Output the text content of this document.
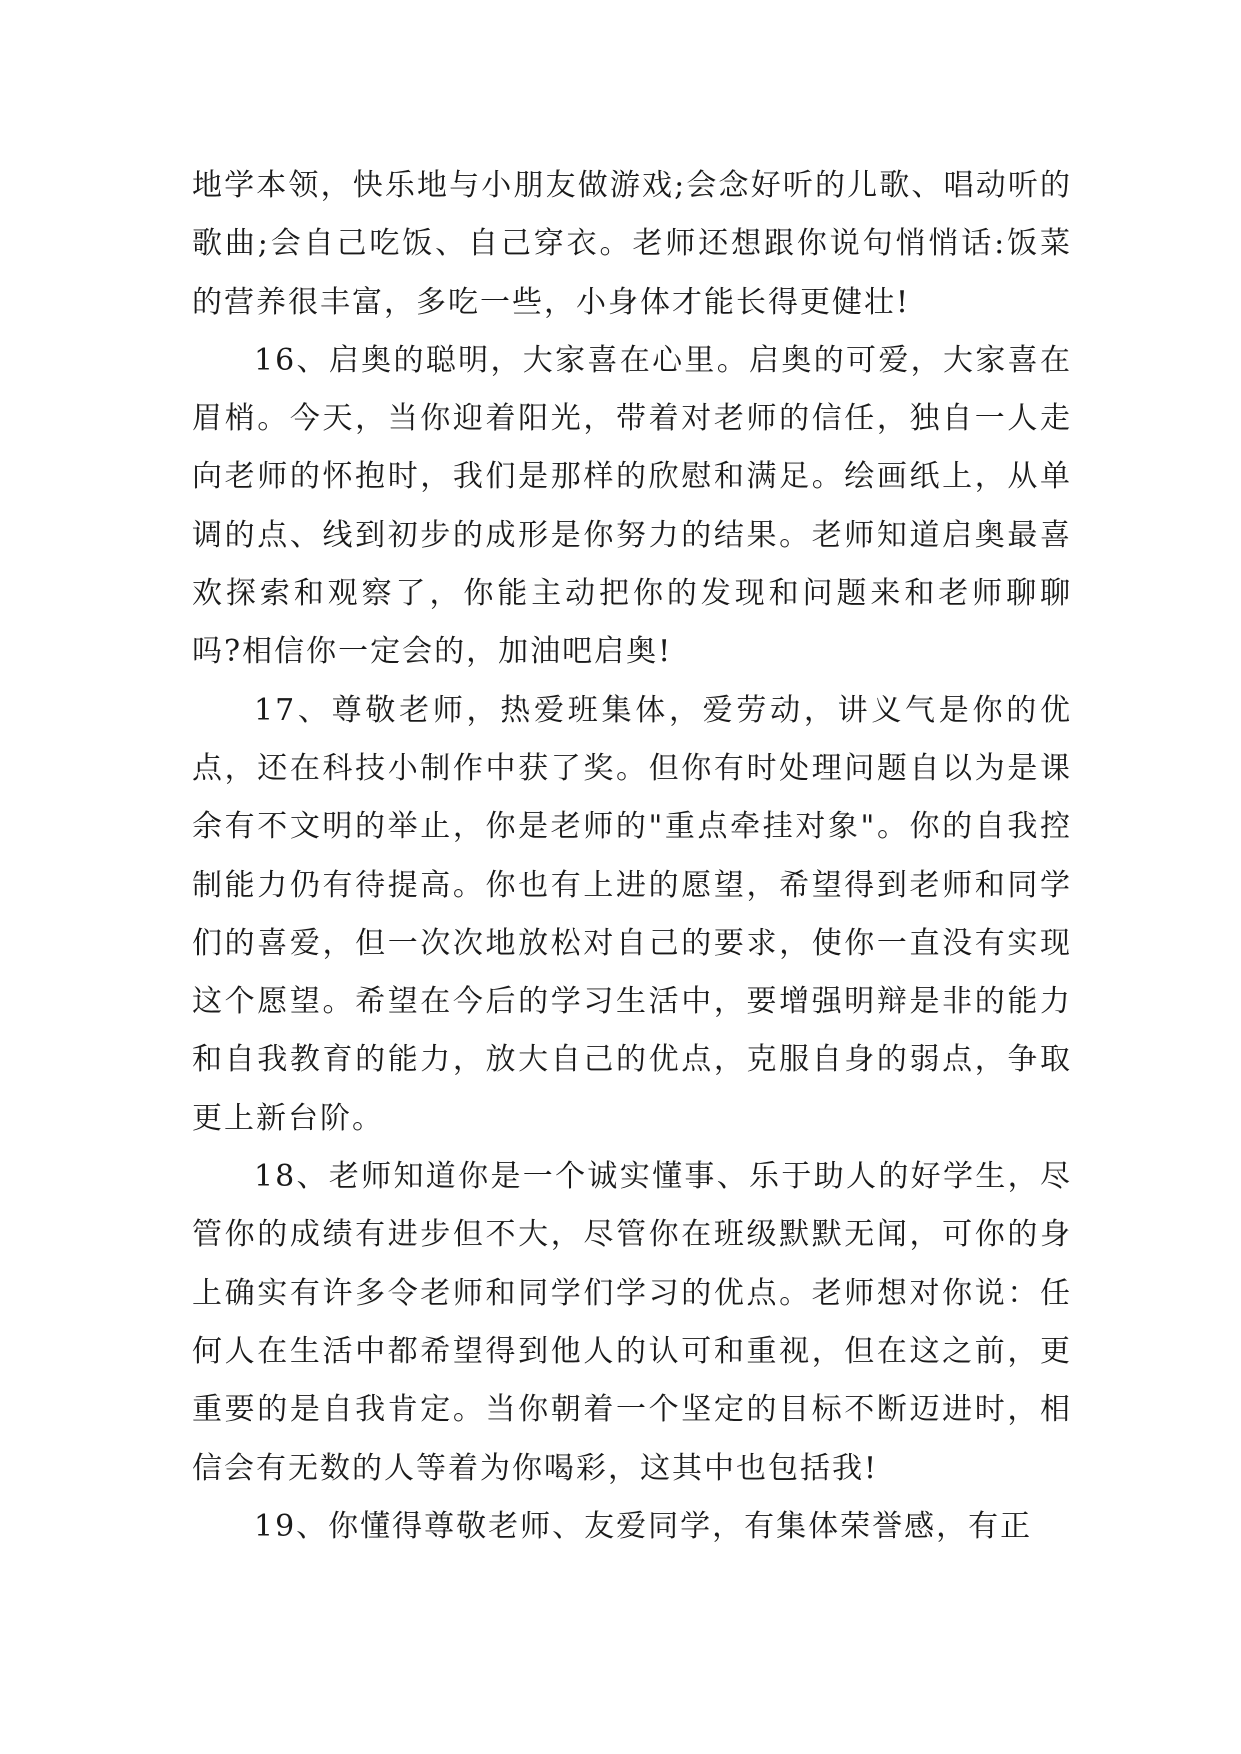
地学本领，快乐地与小朋友做游戏;会念好听的儿歌、唱动听的歌曲;会自己吃饭、自己穿衣。老师还想跟你说句悄悄话:饭菜的营养很丰富，多吃一些，小身体才能长得更健壮!

16、启奥的聪明，大家喜在心里。启奥的可爱，大家喜在眉梢。今天，当你迎着阳光，带着对老师的信任，独自一人走向老师的怀抱时，我们是那样的欣慰和满足。绘画纸上，从单调的点、线到初步的成形是你努力的结果。老师知道启奥最喜欢探索和观察了，你能主动把你的发现和问题来和老师聊聊吗?相信你一定会的，加油吧启奥!

17、尊敬老师，热爱班集体，爱劳动，讲义气是你的优点，还在科技小制作中获了奖。但你有时处理问题自以为是课余有不文明的举止，你是老师的"重点牵挂对象"。你的自我控制能力仍有待提高。你也有上进的愿望，希望得到老师和同学们的喜爱，但一次次地放松对自己的要求，使你一直没有实现这个愿望。希望在今后的学习生活中，要增强明辩是非的能力和自我教育的能力，放大自己的优点，克服自身的弱点，争取更上新台阶。

18、老师知道你是一个诚实懂事、乐于助人的好学生，尽管你的成绩有进步但不大，尽管你在班级默默无闻，可你的身上确实有许多令老师和同学们学习的优点。老师想对你说：任何人在生活中都希望得到他人的认可和重视，但在这之前，更重要的是自我肯定。当你朝着一个坚定的目标不断迈进时，相信会有无数的人等着为你喝彩，这其中也包括我!

19、你懂得尊敬老师、友爱同学，有集体荣誉感，有正
